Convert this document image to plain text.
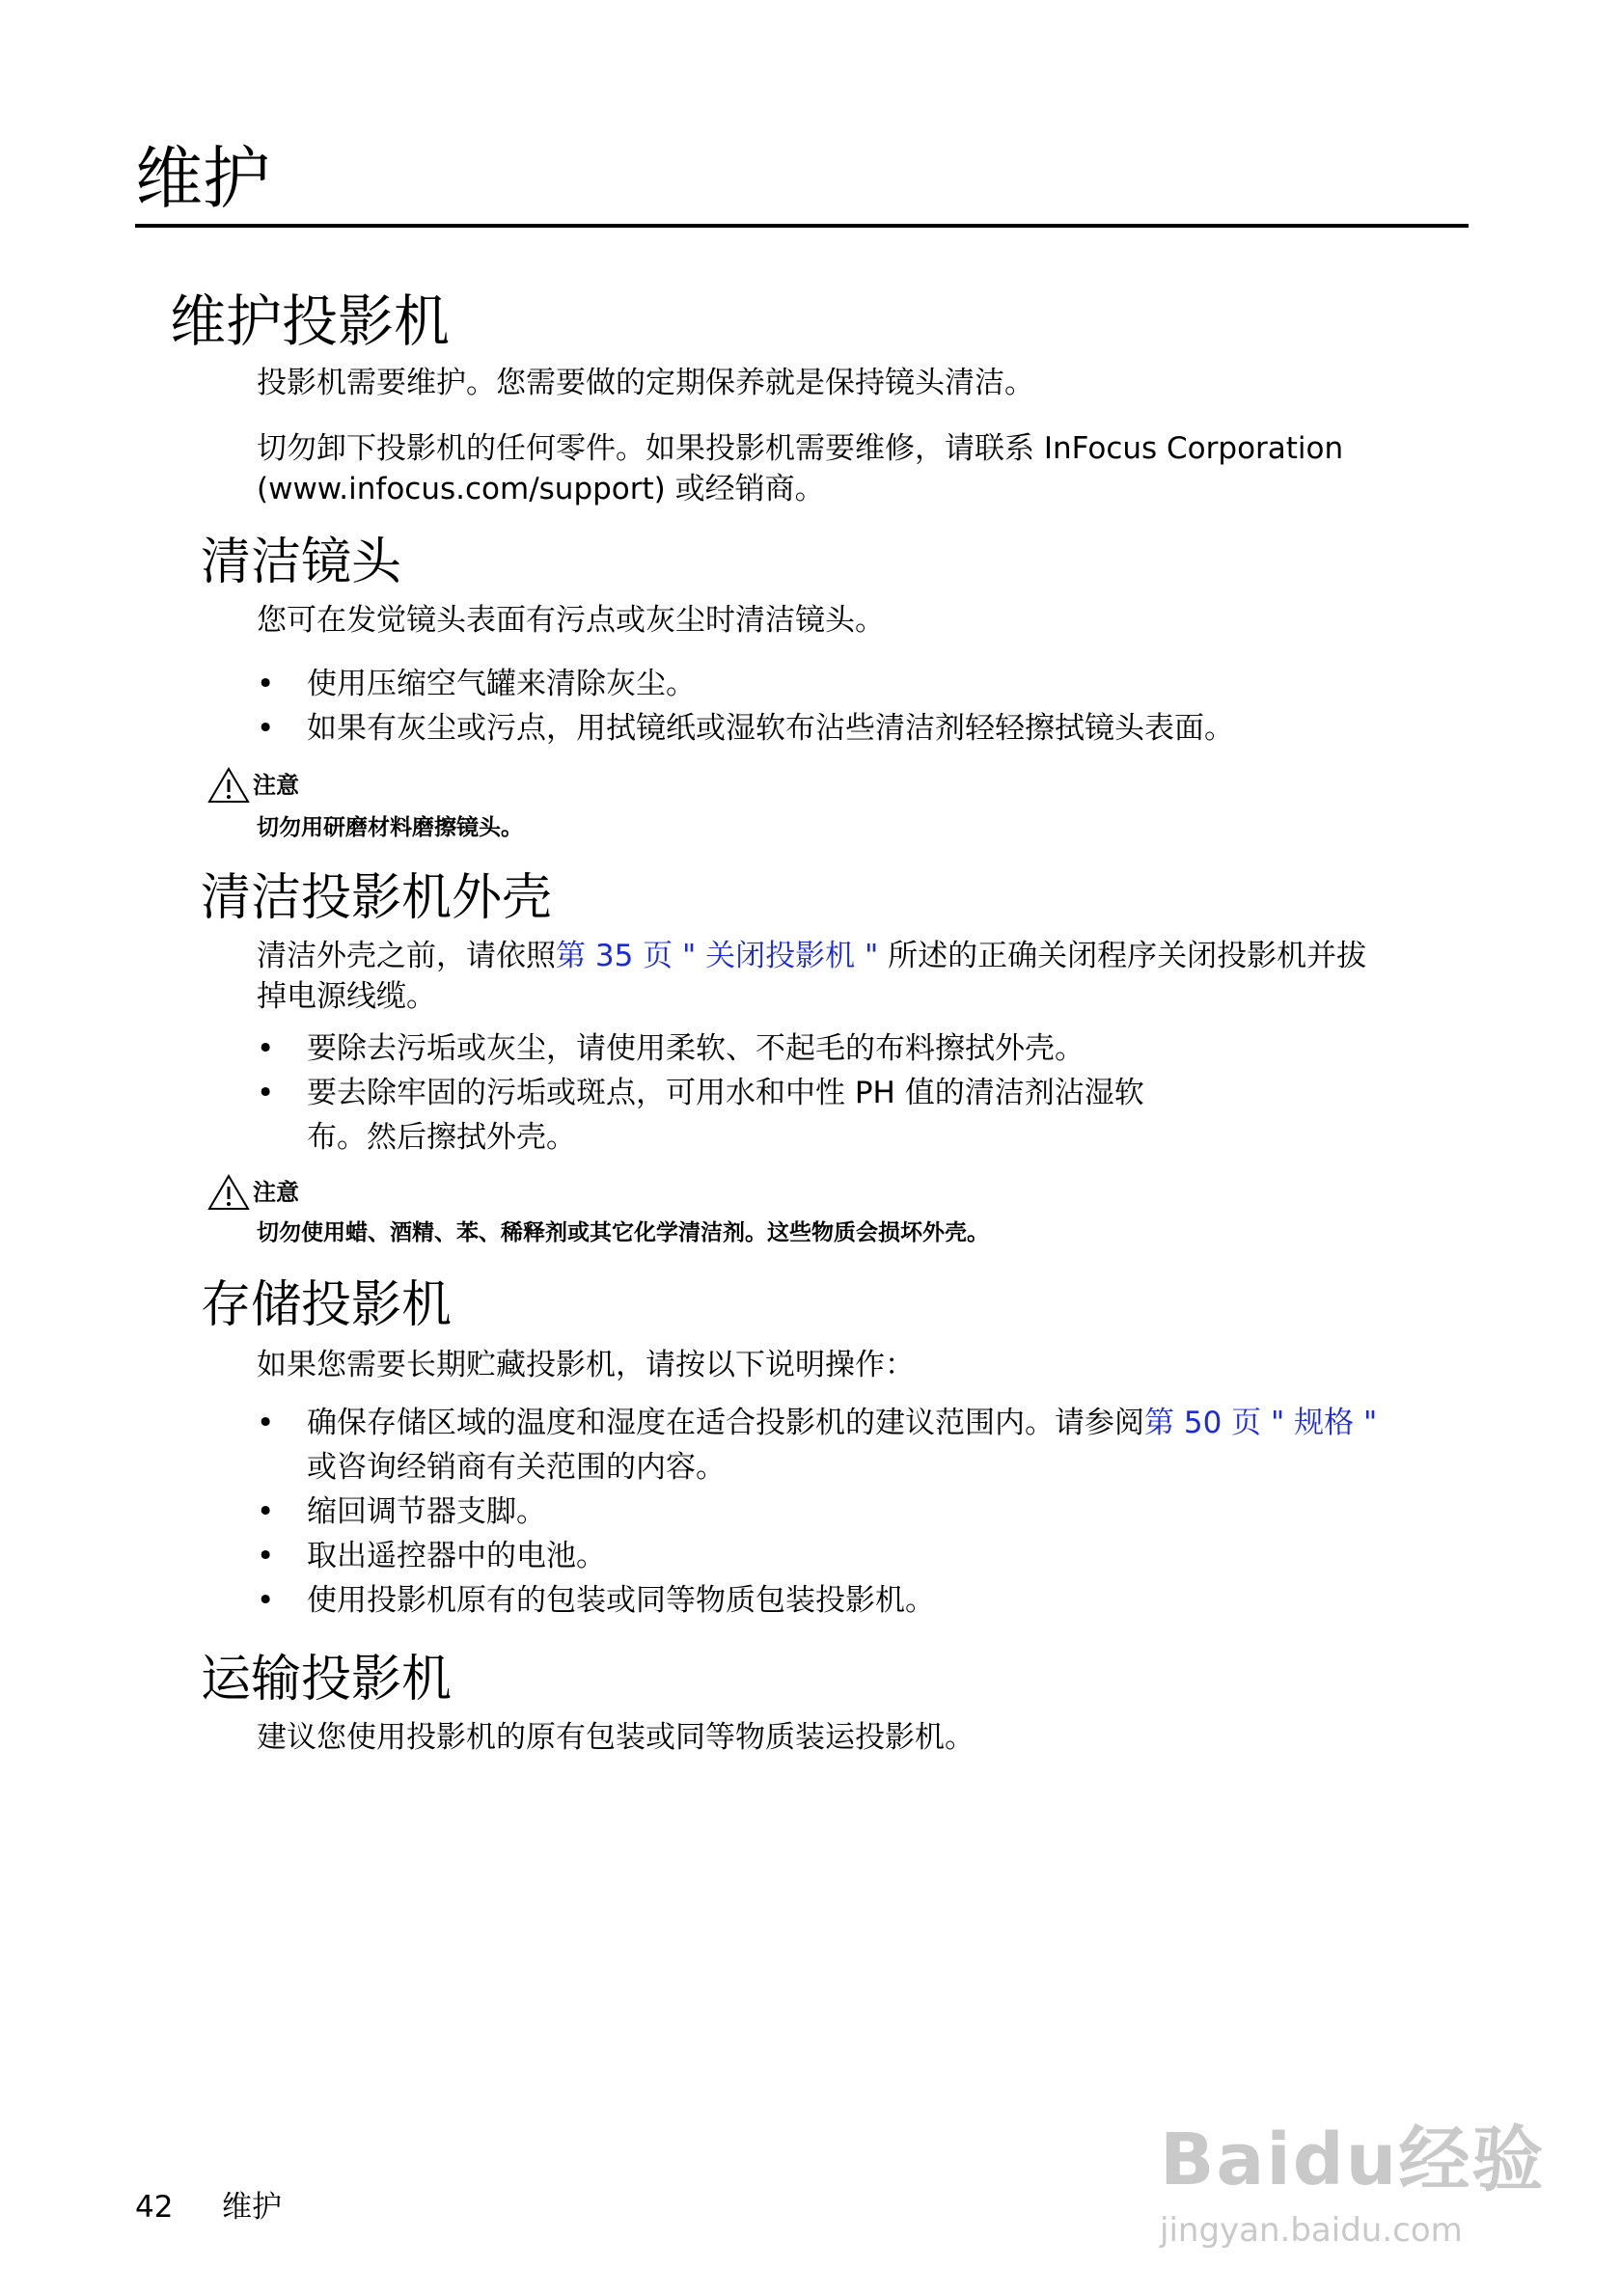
维护
维护投影机

投影机需要维护。您需要做的定期保养就是保持镜头清洁。

切勿卸下投影机的任何零件。如果投影机需要维修，请联系 InFocus Corporation
(www.infocus.com/support) 或经销商。
清洁镜头

您可在发觉镜头表面有污点或灰尘时清洁镜头。

• 使用压缩空气罐来清除灰尘。
• 如果有灰尘或污点，用拭镜纸或湿软布沾些清洁剂轻轻擦拭镜头表面。
注意

切勿用研磨材料磨擦镜头。

清洁投影机外壳
清洁外壳之前，请依照第 35 页 " 关闭投影机 " 所述的正确关闭程序关闭投影机并拔
掉电源线缆。
• 要除去污垢或灰尘，请使用柔软、不起毛的布料擦拭外壳。
• 要去除牢固的污垢或斑点，可用水和中性 PH 值的清洁剂沾湿软布。然后擦拭外壳。
注意

切勿使用蜡、酒精、苯、稀释剂或其它化学清洁剂。这些物质会损坏外壳。

存储投影机

如果您需要长期贮藏投影机，请按以下说明操作：

• 确保存储区域的温度和湿度在适合投影机的建议范围内。请参阅第 50 页 " 规格 "
或咨询经销商有关范围的内容。
• 缩回调节器支脚。
• 取出遥控器中的电池。
• 使用投影机原有的包装或同等物质包装投影机。
运输投影机

建议您使用投影机的原有包装或同等物质装运投影机。

42 维护
Baidu经验
jingyan.baidu.com
